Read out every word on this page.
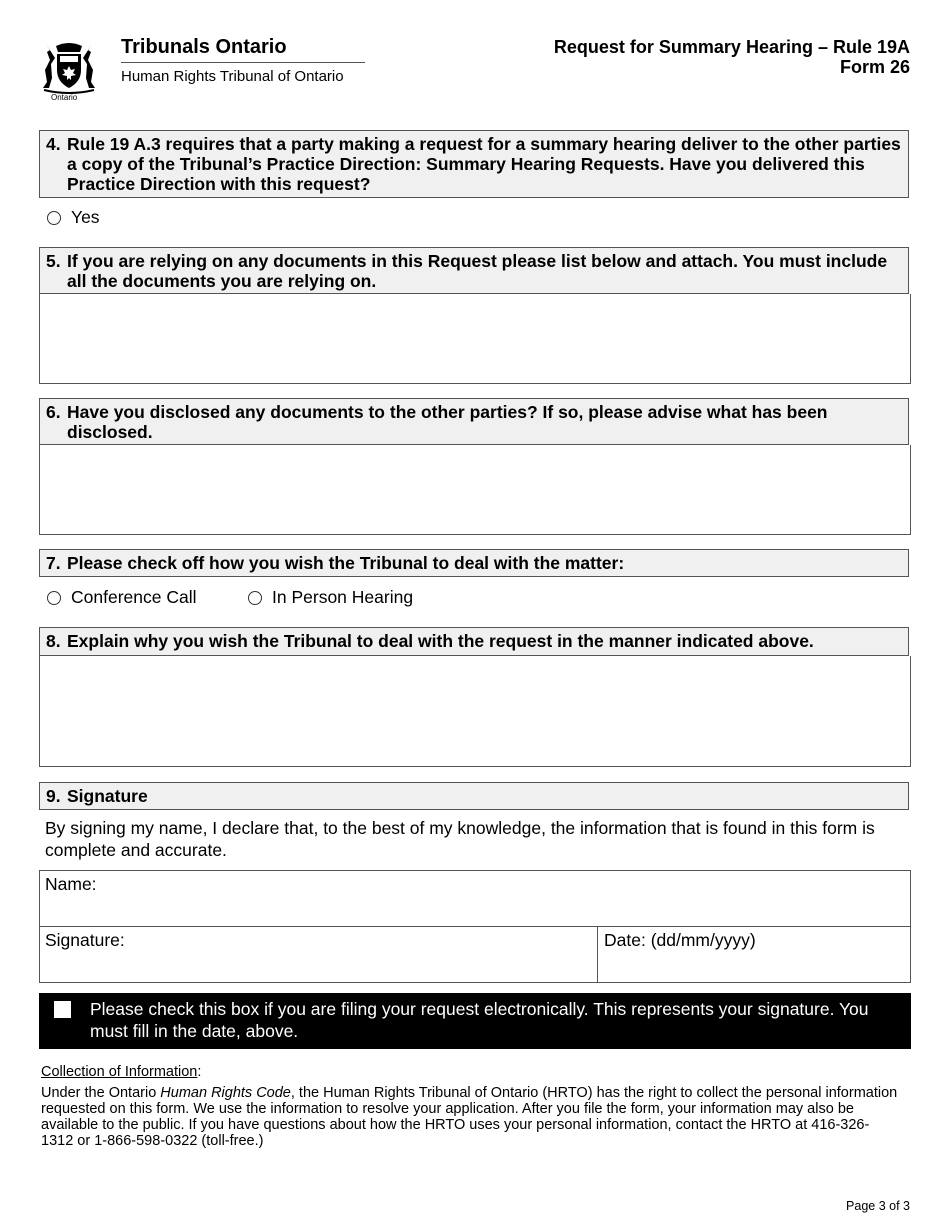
Ontario
Tribunals Ontario
Human Rights Tribunal of Ontario
Request for Summary Hearing – Rule 19A
Form 26
4. Rule 19 A.3 requires that a party making a request for a summary hearing deliver to the other parties a copy of the Tribunal’s Practice Direction: Summary Hearing Requests. Have you delivered this Practice Direction with this request?
Yes
5. If you are relying on any documents in this Request please list below and attach. You must include all the documents you are relying on.
6. Have you disclosed any documents to the other parties? If so, please advise what has been disclosed.
7. Please check off how you wish the Tribunal to deal with the matter:
Conference Call	In Person Hearing
8. Explain why you wish the Tribunal to deal with the request in the manner indicated above.
9. Signature
By signing my name, I declare that, to the best of my knowledge, the information that is found in this form is complete and accurate.
Name:
Signature:	Date: (dd/mm/yyyy)
Please check this box if you are filing your request electronically. This represents your signature. You must fill in the date, above.
Collection of Information:
Under the Ontario Human Rights Code, the Human Rights Tribunal of Ontario (HRTO) has the right to collect the personal information requested on this form. We use the information to resolve your application. After you file the form, your information may also be available to the public. If you have questions about how the HRTO uses your personal information, contact the HRTO at 416-326-1312 or 1-866-598-0322 (toll-free.)
Page 3 of 3
